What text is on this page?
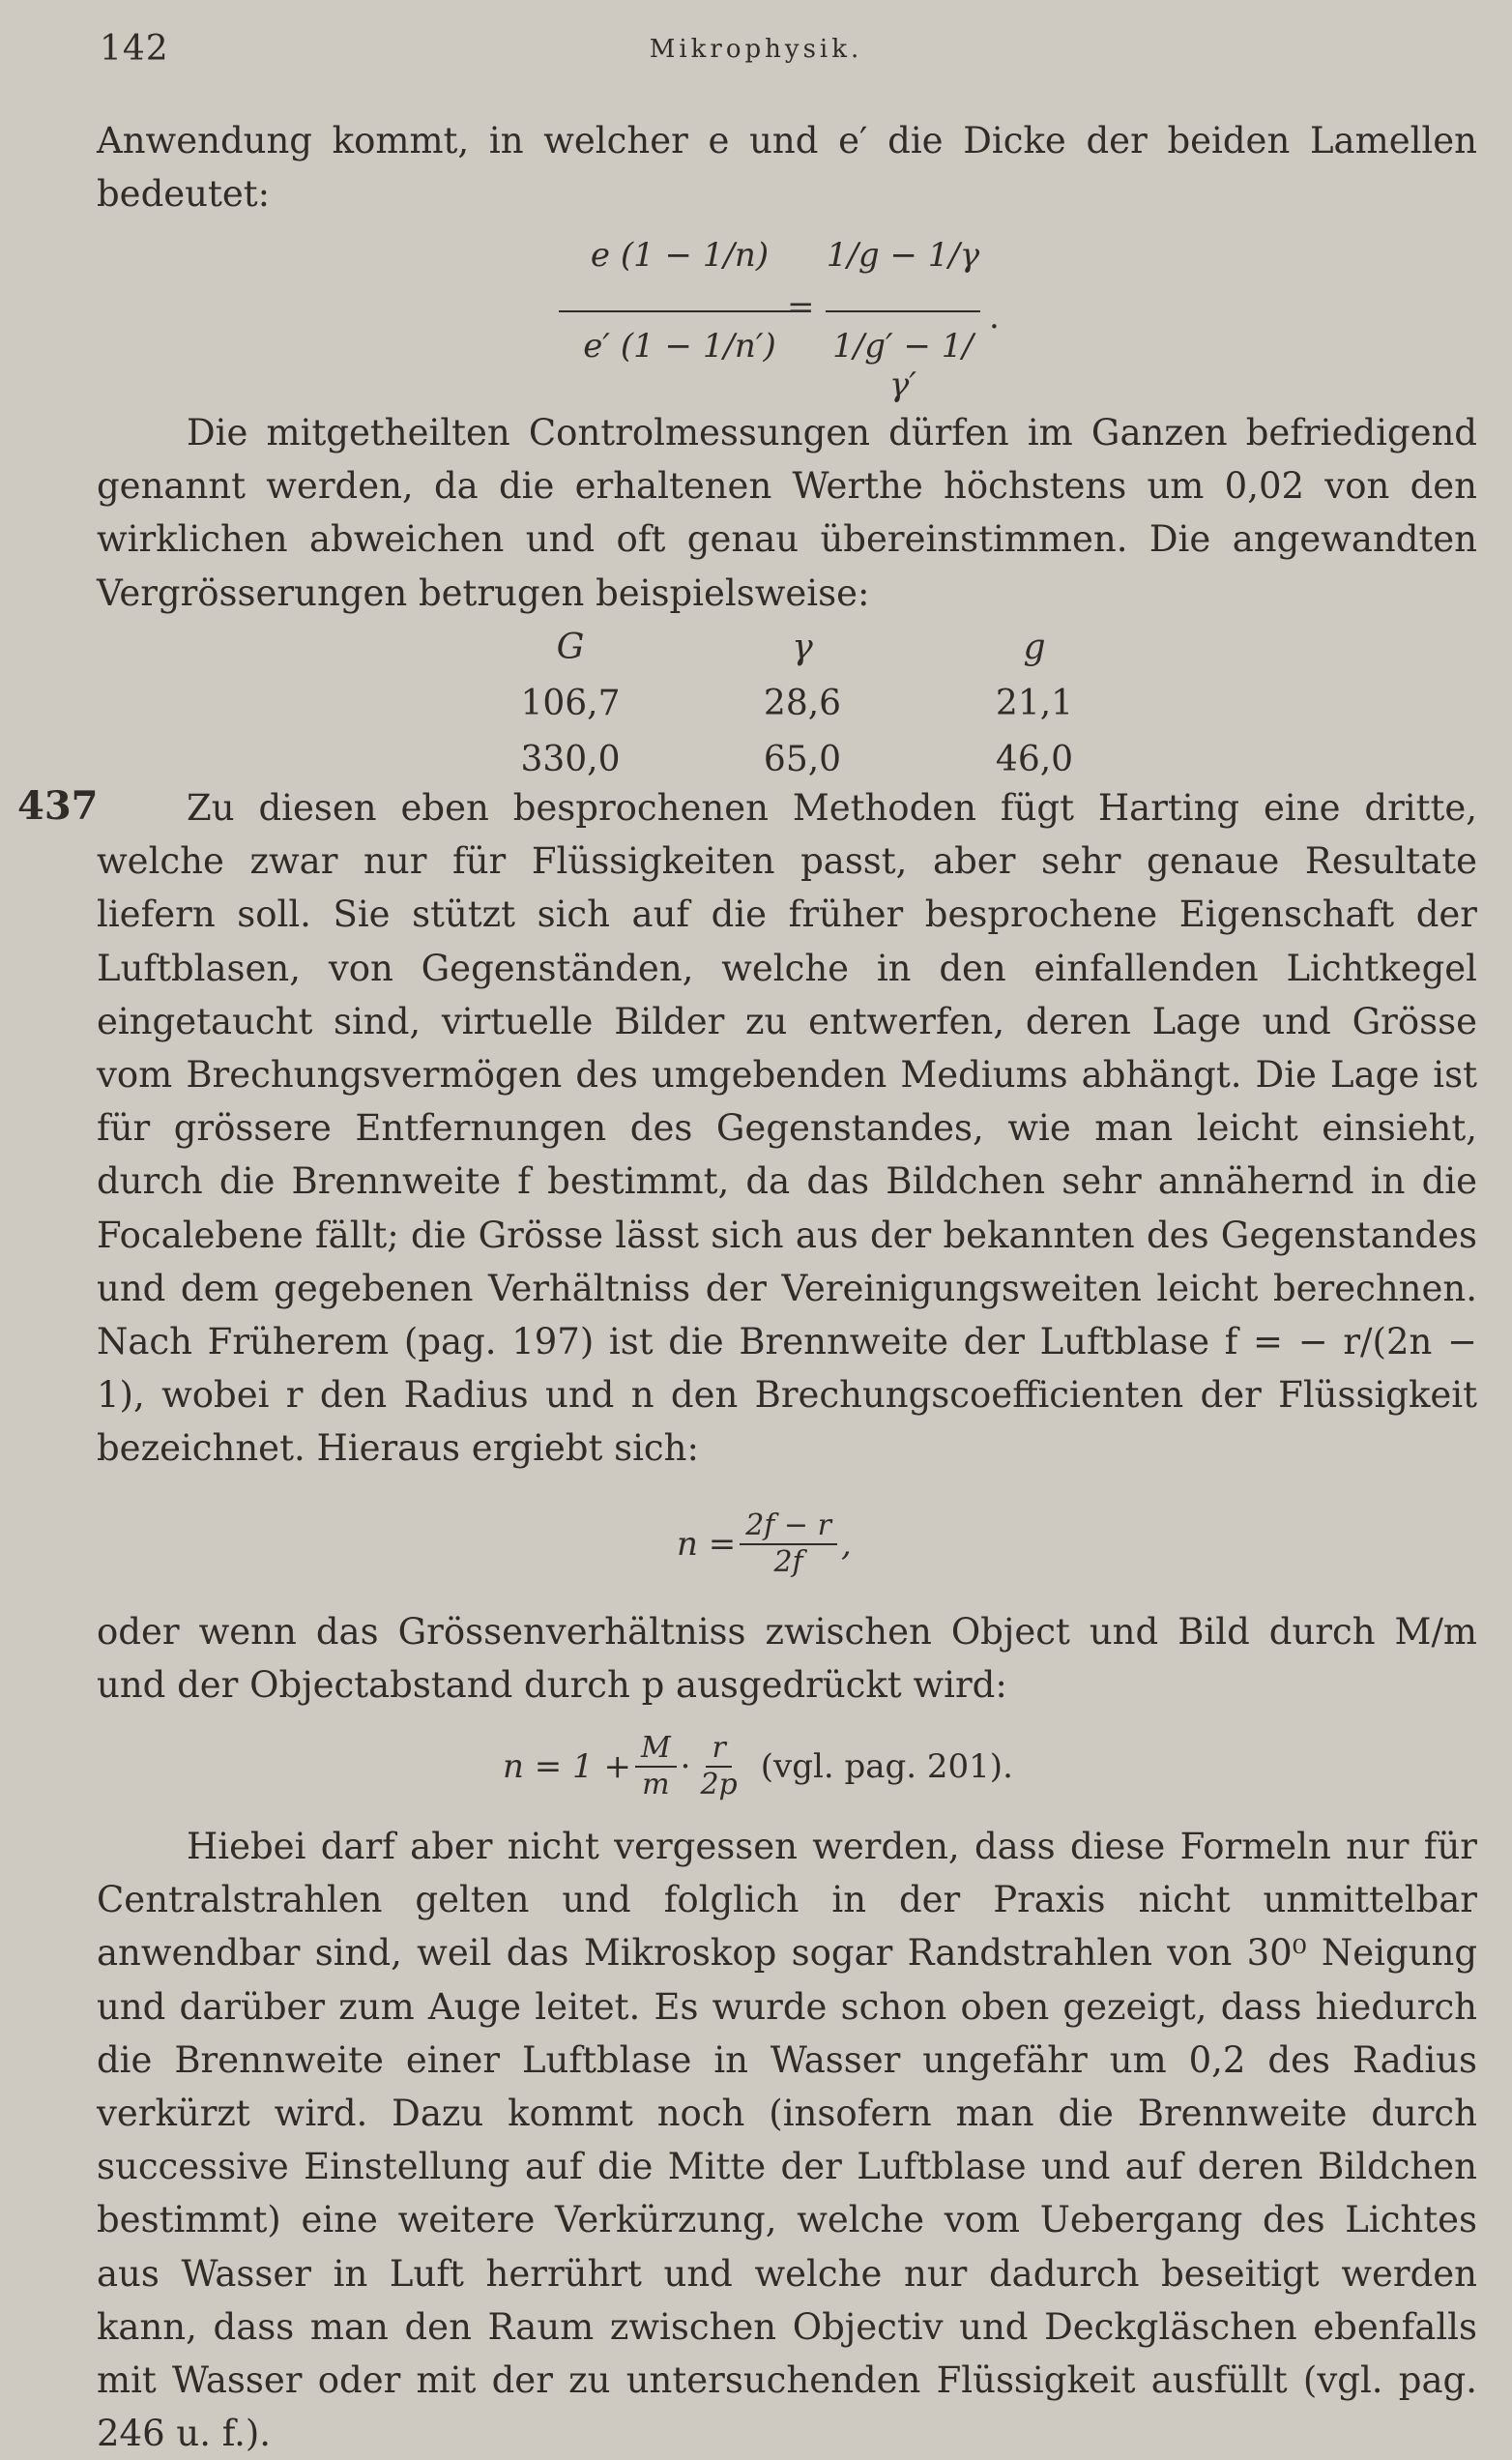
142	Mikrophysik.

Anwendung kommt, in welcher e und e′ die Dicke der beiden Lamellen bedeutet:

e (1 − 1/n)
e′ (1 − 1/n′)
=
1/g − 1/γ
1/g′ − 1/γ′
.

Die mitgetheilten Controlmessungen dürfen im Ganzen befriedigend genannt werden, da die erhaltenen Werthe höchstens um 0,02 von den wirklichen abweichen und oft genau übereinstimmen. Die angewandten Vergrösserungen betrugen beispielsweise:

G	γ	g
106,7	28,6	21,1
330,0	65,0	46,0
437	Zu diesen eben besprochenen Methoden fügt Harting eine dritte, welche zwar nur für Flüssigkeiten passt, aber sehr genaue Resultate liefern soll. Sie stützt sich auf die früher besprochene Eigenschaft der Luftblasen, von Gegenständen, welche in den einfallenden Lichtkegel eingetaucht sind, virtuelle Bilder zu entwerfen, deren Lage und Grösse vom Brechungsvermögen des umgebenden Mediums abhängt. Die Lage ist für grössere Entfernungen des Gegenstandes, wie man leicht einsieht, durch die Brennweite f bestimmt, da das Bildchen sehr annähernd in die Focalebene fällt; die Grösse lässt sich aus der bekannten des Gegenstandes und dem gegebenen Verhältniss der Vereinigungsweiten leicht berechnen. Nach Früherem (pag. 197) ist die Brennweite der Luftblase f = − r/(2n − 1), wobei r den Radius und n den Brechungscoefficienten der Flüssigkeit bezeichnet. Hieraus ergiebt sich:

$n = \frac{2f - r}{2f}$ ,

oder wenn das Grössenverhältniss zwischen Object und Bild durch M/m und der Objectabstand durch p ausgedrückt wird:

$n = 1 + \frac{M}{m} \cdot \frac{r}{2p} (vgl$. pag. 201).

Hiebei darf aber nicht vergessen werden, dass diese Formeln nur für Centralstrahlen gelten und folglich in der Praxis nicht unmittelbar anwendbar sind, weil das Mikroskop sogar Randstrahlen von 30⁰ Neigung und darüber zum Auge leitet. Es wurde schon oben gezeigt, dass hiedurch die Brennweite einer Luftblase in Wasser ungefähr um 0,2 des Radius verkürzt wird. Dazu kommt noch (insofern man die Brennweite durch successive Einstellung auf die Mitte der Luftblase und auf deren Bildchen bestimmt) eine weitere Verkürzung, welche vom Uebergang des Lichtes aus Wasser in Luft herrührt und welche nur dadurch beseitigt werden kann, dass man den Raum zwischen Objectiv und Deckgläschen ebenfalls mit Wasser oder mit der zu untersuchenden Flüssigkeit ausfüllt (vgl. pag. 246 u. f.).
